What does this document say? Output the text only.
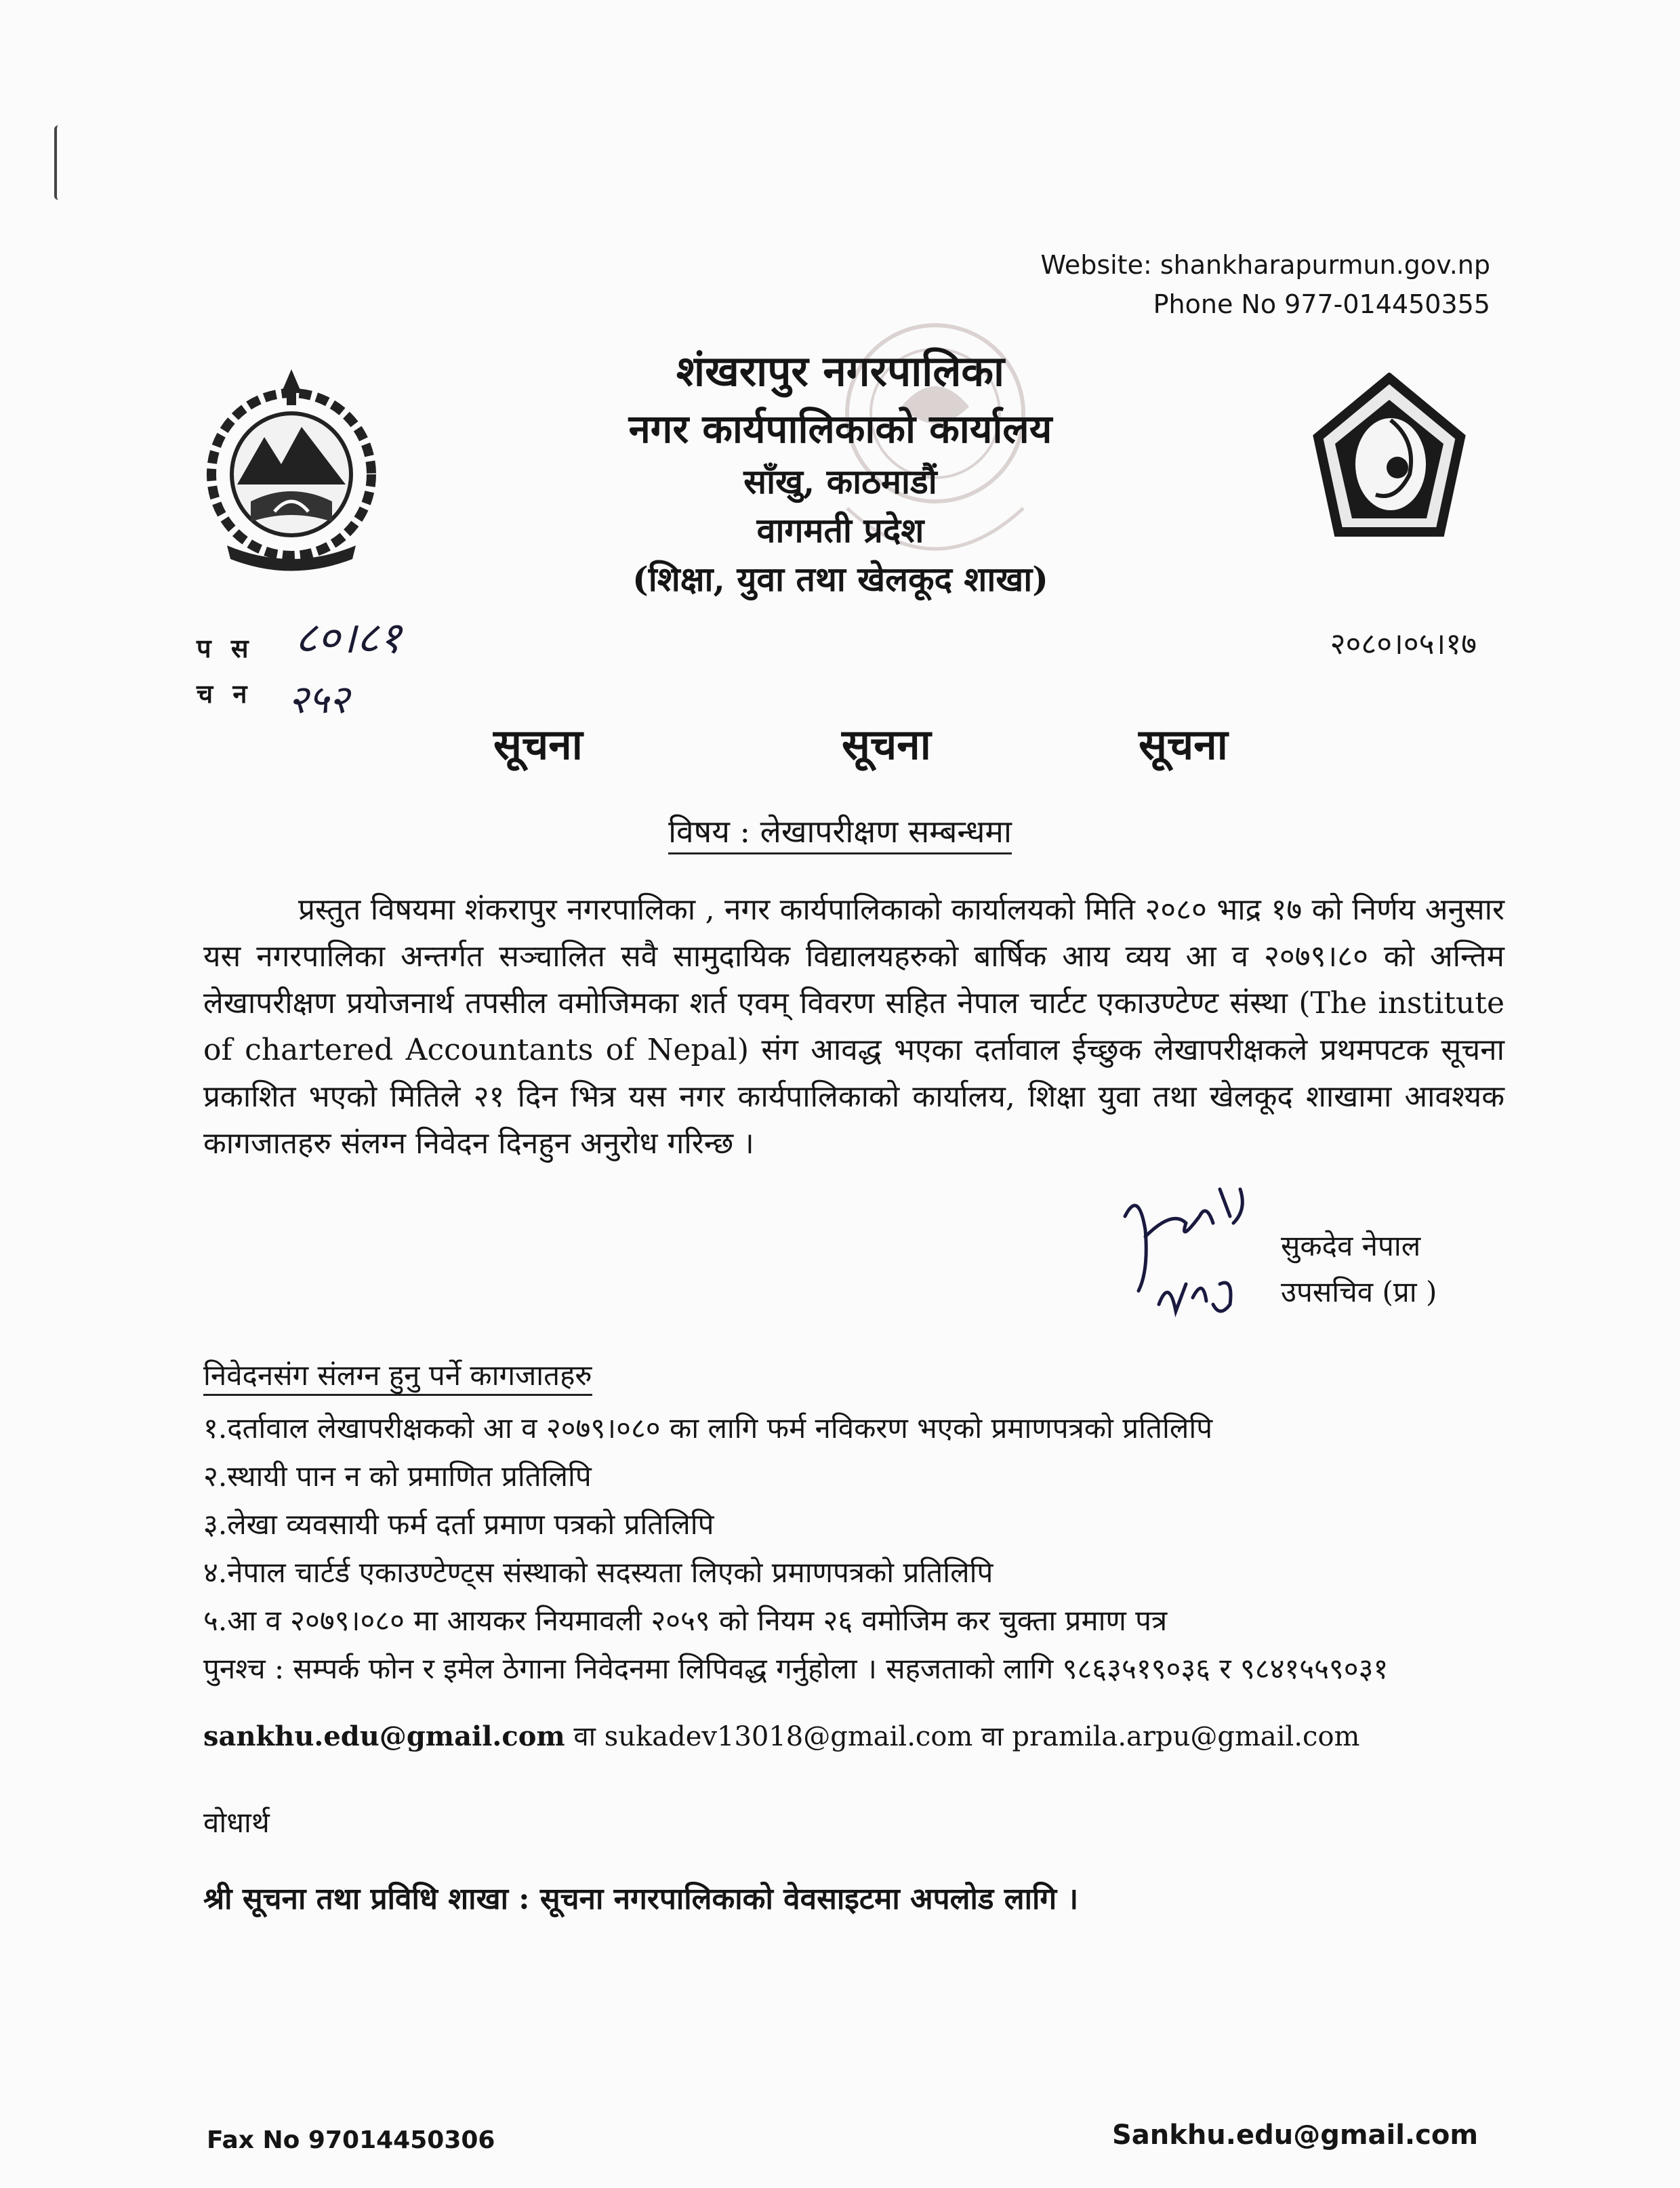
Website: shankharapurmun.gov.np
Phone No 977-014450355
शंखरापुर नगरपालिका
नगर कार्यपालिकाको कार्यालय
साँखु, काठमाडौं
वागमती प्रदेश
(शिक्षा, युवा तथा खेलकूद शाखा)
प स ८०।८१
च न २५२
२०८०।०५।१७
सूचना	सूचना	सूचना
विषय : लेखापरीक्षण सम्बन्धमा
प्रस्तुत विषयमा शंकरापुर नगरपालिका , नगर कार्यपालिकाको कार्यालयको मिति २०८० भाद्र १७ को निर्णय अनुसार यस नगरपालिका अन्तर्गत सञ्चालित सवै सामुदायिक विद्यालयहरुको बार्षिक आय व्यय आ व २०७९।८० को अन्तिम लेखापरीक्षण प्रयोजनार्थ तपसील वमोजिमका शर्त एवम् विवरण सहित नेपाल चार्टट एकाउण्टेण्ट संस्था (The institute of chartered Accountants of Nepal) संग आवद्ध भएका दर्तावाल ईच्छुक लेखापरीक्षकले प्रथमपटक सूचना प्रकाशित भएको मितिले २१ दिन भित्र यस नगर कार्यपालिकाको कार्यालय, शिक्षा युवा तथा खेलकूद शाखामा आवश्यक कागजातहरु संलग्न निवेदन दिनहुन अनुरोध गरिन्छ ।
सुकदेव नेपाल
उपसचिव (प्रा )
निवेदनसंग संलग्न हुनु पर्ने कागजातहरु
१.दर्तावाल लेखापरीक्षकको आ व २०७९।०८० का लागि फर्म नविकरण भएको प्रमाणपत्रको प्रतिलिपि
२.स्थायी पान न को प्रमाणित प्रतिलिपि
३.लेखा व्यवसायी फर्म दर्ता प्रमाण पत्रको प्रतिलिपि
४.नेपाल चार्टर्ड एकाउण्टेण्ट्स संस्थाको सदस्यता लिएको प्रमाणपत्रको प्रतिलिपि
५.आ व २०७९।०८० मा आयकर नियमावली २०५९ को नियम २६ वमोजिम कर चुक्ता प्रमाण पत्र
पुनश्च : सम्पर्क फोन र इमेल ठेगाना निवेदनमा लिपिवद्ध गर्नुहोला । सहजताको लागि ९८६३५१९०३६ र ९८४१५५९०३१
sankhu.edu@gmail.com वा sukadev13018@gmail.com वा pramila.arpu@gmail.com
वोधार्थ
श्री सूचना तथा प्रविधि शाखा : सूचना नगरपालिकाको वेवसाइटमा अपलोड लागि ।
Fax No 97014450306	Sankhu.edu@gmail.com
